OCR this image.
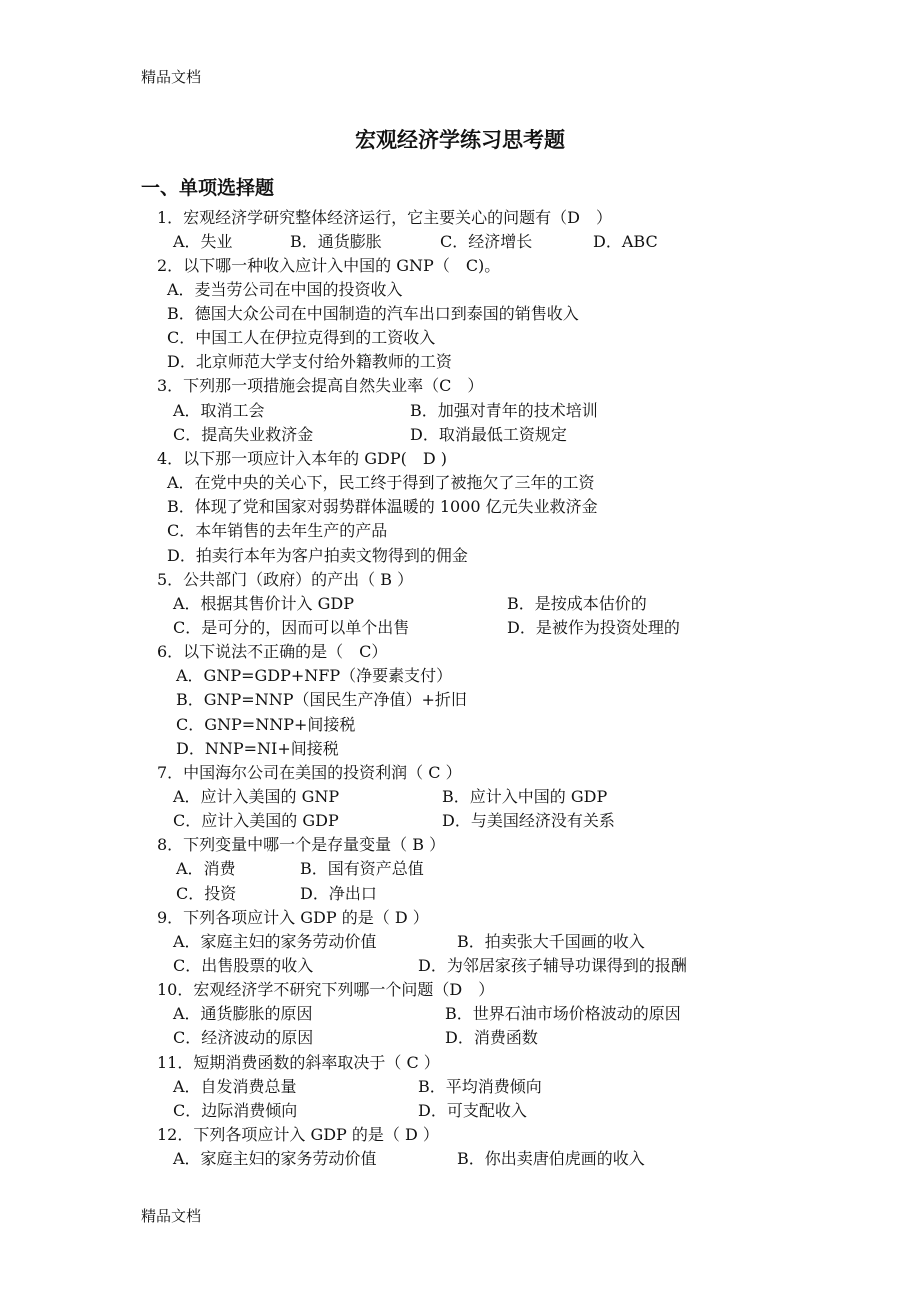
精品文档
宏观经济学练习思考题
一、单项选择题
1．宏观经济学研究整体经济运行，它主要关心的问题有（D　）
A．失业	B．通货膨胀	C．经济增长	D．ABC
2．以下哪一种收入应计入中国的 GNP（　C)。
A．麦当劳公司在中国的投资收入
B．德国大众公司在中国制造的汽车出口到泰国的销售收入
C．中国工人在伊拉克得到的工资收入
D．北京师范大学支付给外籍教师的工资
3．下列那一项措施会提高自然失业率（C　）
A．取消工会	B．加强对青年的技术培训
C．提高失业救济金	D．取消最低工资规定
4．以下那一项应计入本年的 GDP(　D )
A．在党中央的关心下，民工终于得到了被拖欠了三年的工资
B．体现了党和国家对弱势群体温暖的 1000 亿元失业救济金
C．本年销售的去年生产的产品
D．拍卖行本年为客户拍卖文物得到的佣金
5．公共部门（政府）的产出（ B ）
A．根据其售价计入 GDP	B．是按成本估价的
C．是可分的，因而可以单个出售	D．是被作为投资处理的
6．以下说法不正确的是（　C）
A．GNP=GDP+NFP（净要素支付）
B．GNP=NNP（国民生产净值）+折旧
C．GNP=NNP+间接税
D．NNP=NI+间接税
7．中国海尔公司在美国的投资利润（ C ）
A．应计入美国的 GNP	B．应计入中国的 GDP
C．应计入美国的 GDP	D．与美国经济没有关系
8．下列变量中哪一个是存量变量（ B ）
A．消费	B．国有资产总值
C．投资	D．净出口
9．下列各项应计入 GDP 的是（ D ）
A．家庭主妇的家务劳动价值	B．拍卖张大千国画的收入
C．出售股票的收入	D．为邻居家孩子辅导功课得到的报酬
10．宏观经济学不研究下列哪一个问题（D　）
A．通货膨胀的原因	B．世界石油市场价格波动的原因
C．经济波动的原因	D．消费函数
11．短期消费函数的斜率取决于（ C ）
A．自发消费总量	B．平均消费倾向
C．边际消费倾向	D．可支配收入
12．下列各项应计入 GDP 的是（ D ）
A．家庭主妇的家务劳动价值	B．你出卖唐伯虎画的收入
精品文档
